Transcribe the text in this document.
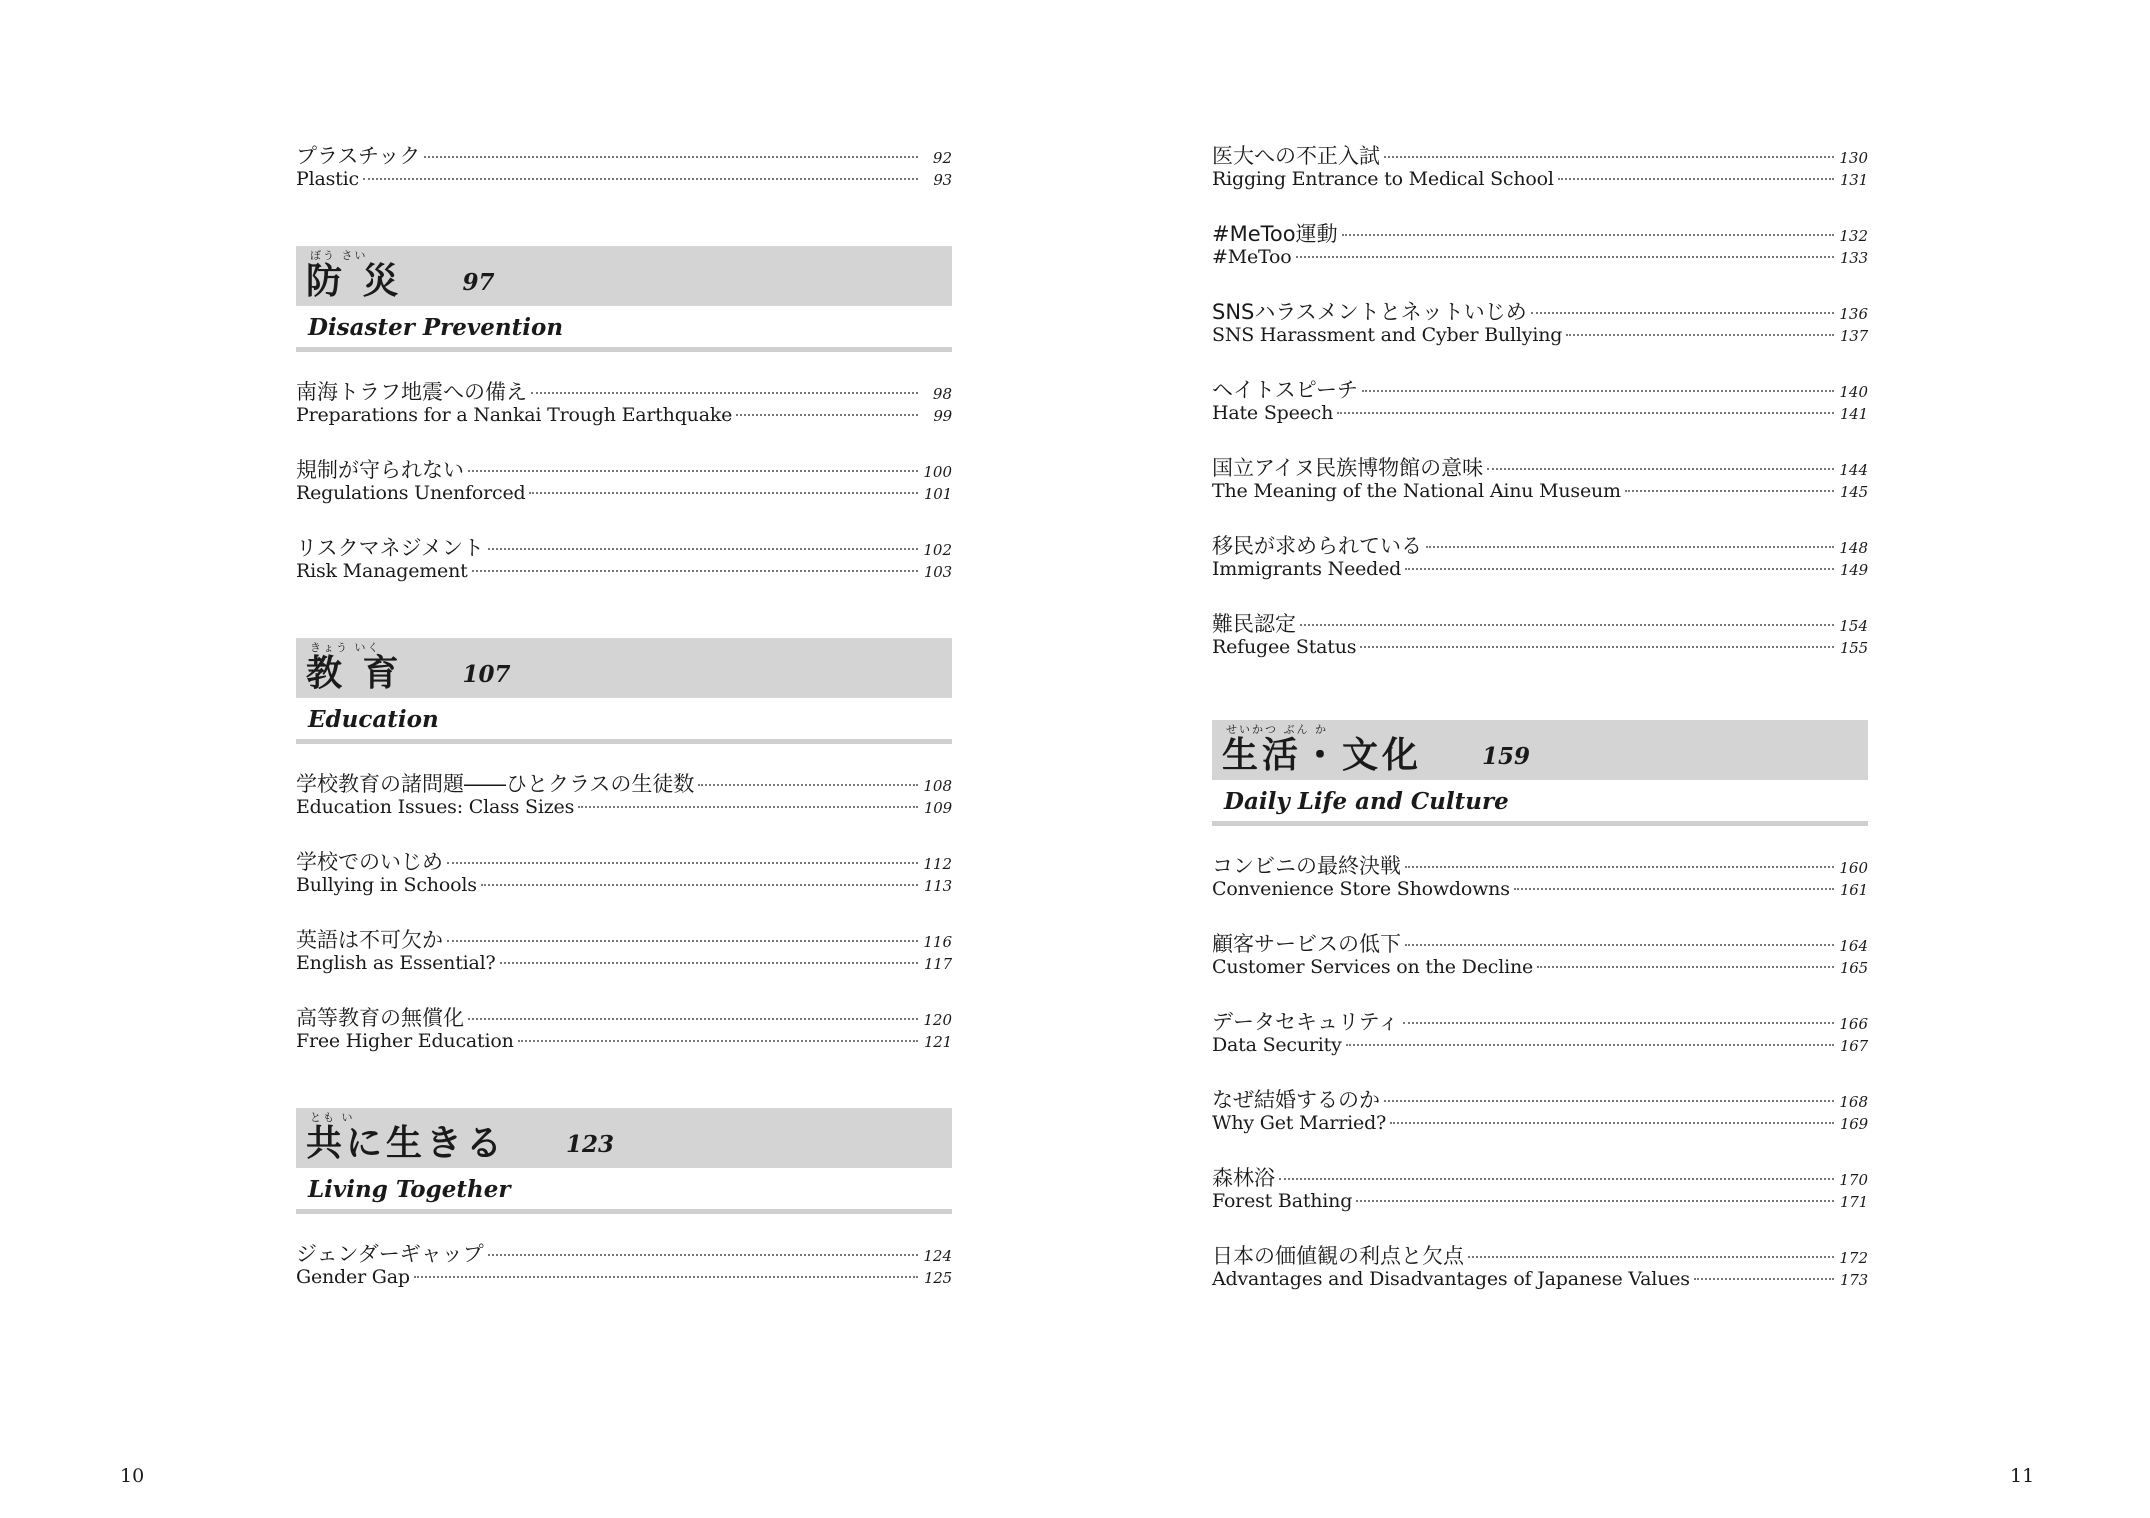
プラスチック	92
Plastic	93
ぼう さい
防 災	97
Disaster Prevention
南海トラフ地震への備え	98
Preparations for a Nankai Trough Earthquake	99
規制が守られない	100
Regulations Unenforced	101
リスクマネジメント	102
Risk Management	103
きょう いく
教 育	107
Education
学校教育の諸問題――ひとクラスの生徒数	108
Education Issues: Class Sizes	109
学校でのいじめ	112
Bullying in Schools	113
英語は不可欠か	116
English as Essential?	117
高等教育の無償化	120
Free Higher Education	121
とも い
共に生きる	123
Living Together
ジェンダーギャップ	124
Gender Gap	125
医大への不正入試	130
Rigging Entrance to Medical School	131
#MeToo運動	132
#MeToo	133
SNSハラスメントとネットいじめ	136
SNS Harassment and Cyber Bullying	137
ヘイトスピーチ	140
Hate Speech	141
国立アイヌ民族博物館の意味	144
The Meaning of the National Ainu Museum	145
移民が求められている	148
Immigrants Needed	149
難民認定	154
Refugee Status	155
せいかつ ぶん か
生活・文化	159
Daily Life and Culture
コンビニの最終決戦	160
Convenience Store Showdowns	161
顧客サービスの低下	164
Customer Services on the Decline	165
データセキュリティ	166
Data Security	167
なぜ結婚するのか	168
Why Get Married?	169
森林浴	170
Forest Bathing	171
日本の価値観の利点と欠点	172
Advantages and Disadvantages of Japanese Values	173
10	11
